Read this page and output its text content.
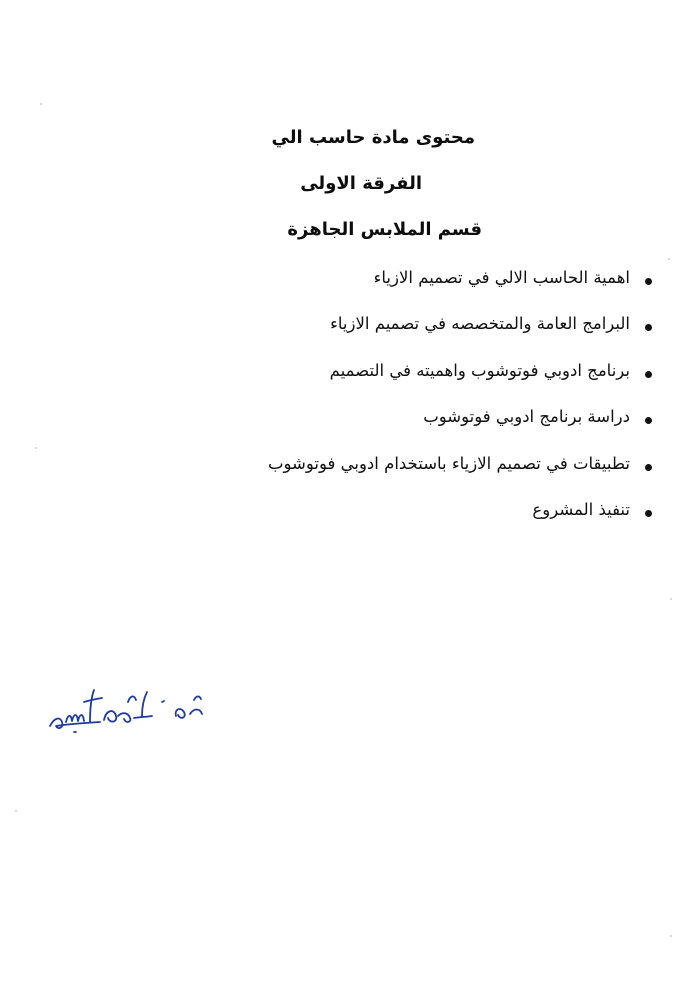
محتوى مادة حاسب الي
الفرقة الاولى
قسم الملابس الجاهزة
اهمية الحاسب الالي في تصميم الازياء
البرامج العامة والمتخصصه في تصميم الازياء
برنامج ادوبي فوتوشوب واهميته في التصميم
دراسة برنامج ادوبي فوتوشوب
تطبيقات في تصميم الازياء باستخدام ادوبي فوتوشوب
تنفيذ المشروع
